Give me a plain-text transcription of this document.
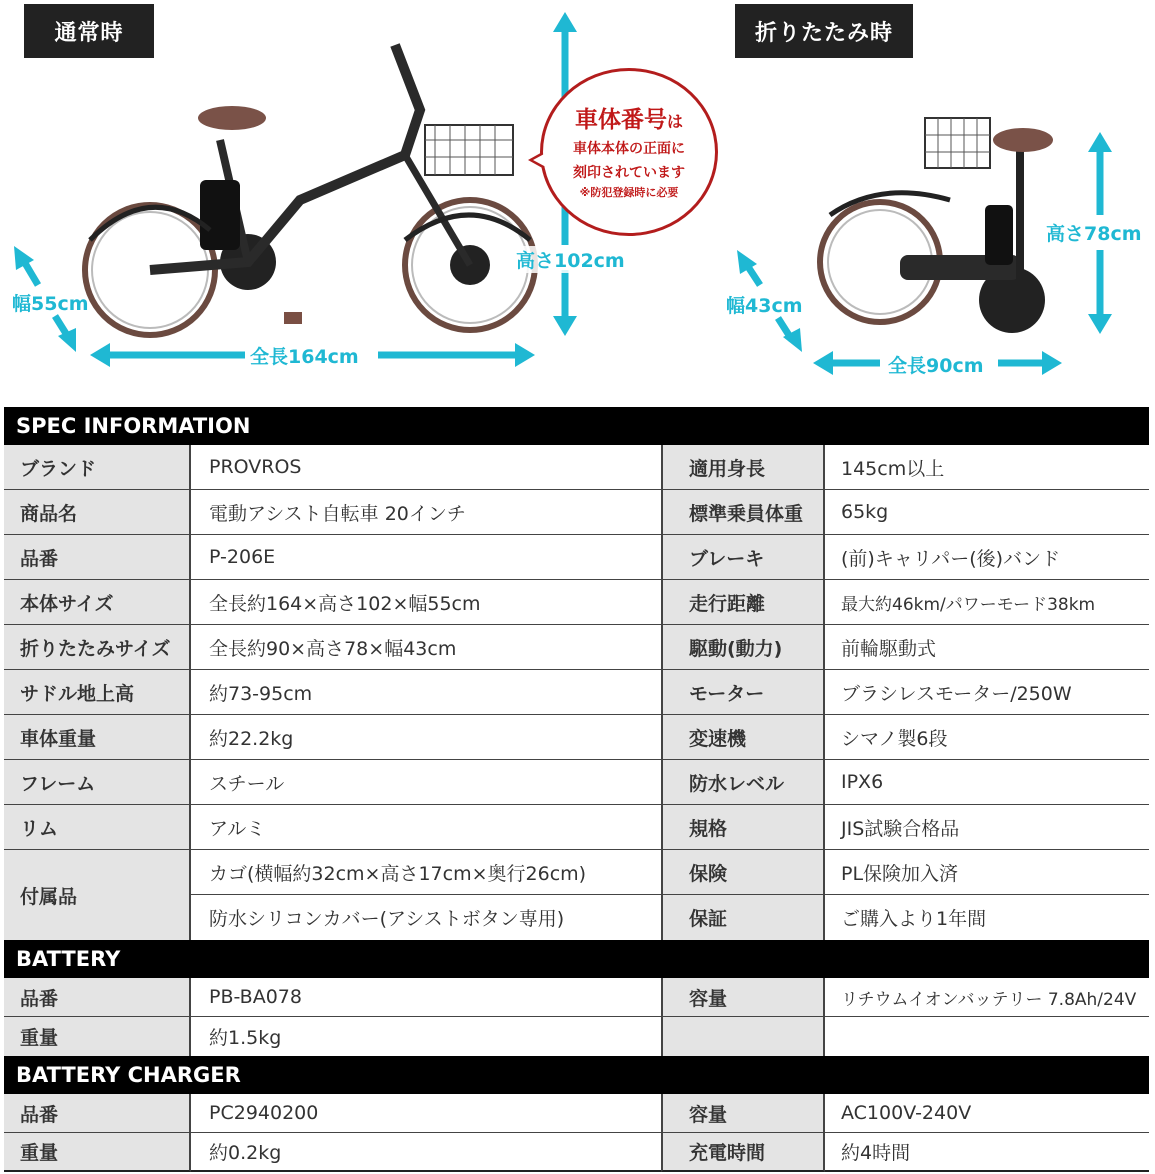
通常時	折りたたみ時
幅55cm
全長164cm
高さ102cm
幅43cm
全長90cm
高さ78cm
車体番号は
車体本体の正面に
刻印されています
※防犯登録時に必要
SPEC INFORMATION
ブランド	PROVROS	適用身長	145cm以上
商品名	電動アシスト自転車 20インチ	標準乗員体重	65kg
品番	P-206E	ブレーキ	(前)キャリパー(後)バンド
本体サイズ	全長約164×高さ102×幅55cm	走行距離	最大約46km/パワーモード38km
折りたたみサイズ	全長約90×高さ78×幅43cm	駆動(動力)	前輪駆動式
サドル地上高	約73-95cm	モーター	ブラシレスモーター/250W
車体重量	約22.2kg	変速機	シマノ製6段
フレーム	スチール	防水レベル	IPX6
リム	アルミ	規格	JIS試験合格品
付属品
カゴ(横幅約32cm×高さ17cm×奥行26cm)	保険	PL保険加入済
防水シリコンカバー(アシストボタン専用)	保証	ご購入より1年間
BATTERY
品番	PB-BA078	容量	リチウムイオンバッテリー 7.8Ah/24V
重量	約1.5kg
BATTERY CHARGER
品番	PC2940200	容量	AC100V-240V
重量	約0.2kg	充電時間	約4時間
